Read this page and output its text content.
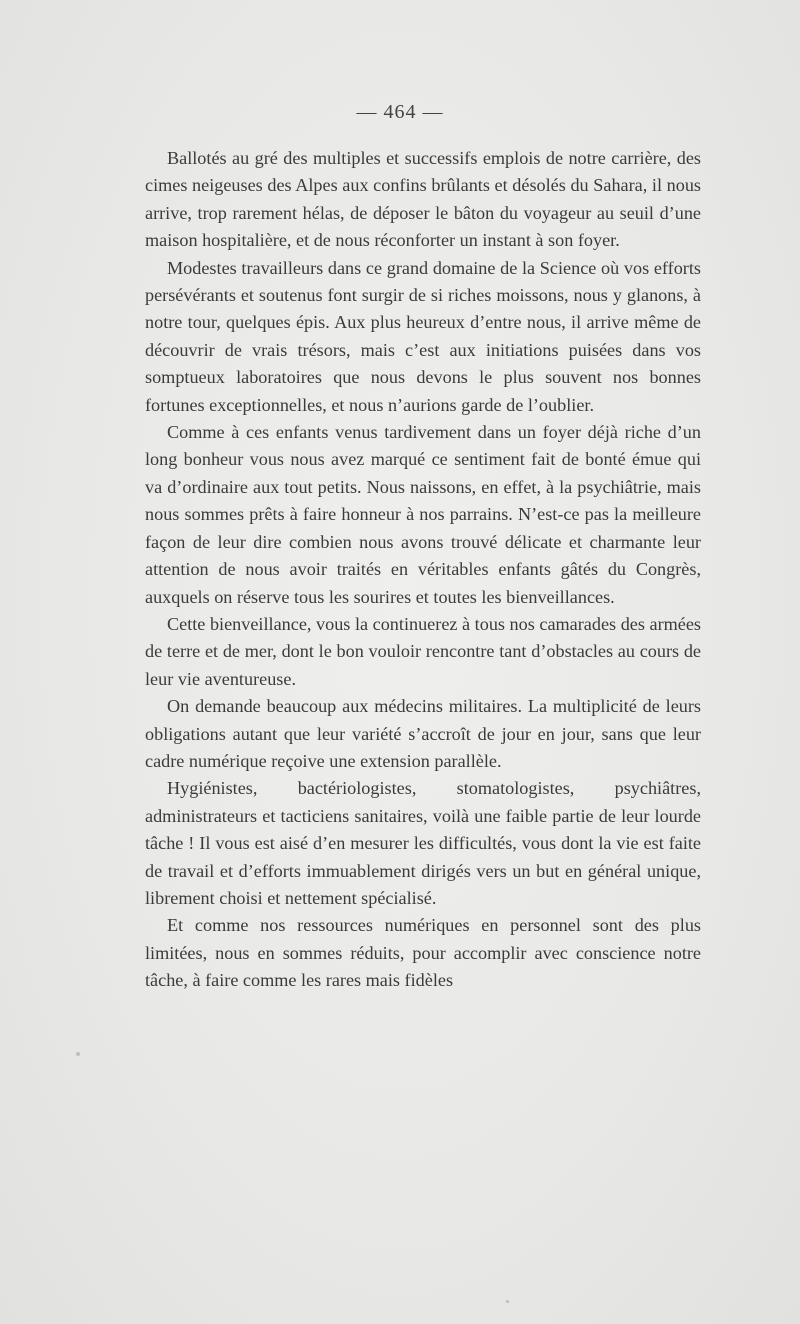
— 464 —

Ballotés au gré des multiples et successifs emplois de notre carrière, des cimes neigeuses des Alpes aux confins brûlants et désolés du Sahara, il nous arrive, trop rarement hélas, de déposer le bâton du voyageur au seuil d’une maison hospitalière, et de nous réconforter un instant à son foyer.

Modestes travailleurs dans ce grand domaine de la Science où vos efforts persévérants et soutenus font surgir de si riches moissons, nous y glanons, à notre tour, quelques épis. Aux plus heureux d’entre nous, il arrive même de découvrir de vrais trésors, mais c’est aux initiations puisées dans vos somptueux laboratoires que nous devons le plus souvent nos bonnes fortunes exceptionnelles, et nous n’aurions garde de l’oublier.

Comme à ces enfants venus tardivement dans un foyer déjà riche d’un long bonheur vous nous avez marqué ce sentiment fait de bonté émue qui va d’ordinaire aux tout petits. Nous naissons, en effet, à la psychiâtrie, mais nous sommes prêts à faire honneur à nos parrains. N’est-ce pas la meilleure façon de leur dire combien nous avons trouvé délicate et charmante leur attention de nous avoir traités en véritables enfants gâtés du Congrès, auxquels on réserve tous les sourires et toutes les bienveillances.

Cette bienveillance, vous la continuerez à tous nos camarades des armées de terre et de mer, dont le bon vouloir rencontre tant d’obstacles au cours de leur vie aventureuse.

On demande beaucoup aux médecins militaires. La multiplicité de leurs obligations autant que leur variété s’accroît de jour en jour, sans que leur cadre numérique reçoive une extension parallèle.

Hygiénistes, bactériologistes, stomatologistes, psychiâtres, administrateurs et tacticiens sanitaires, voilà une faible partie de leur lourde tâche ! Il vous est aisé d’en mesurer les difficultés, vous dont la vie est faite de travail et d’efforts immuablement dirigés vers un but en général unique, librement choisi et nettement spécialisé.

Et comme nos ressources numériques en personnel sont des plus limitées, nous en sommes réduits, pour accomplir avec conscience notre tâche, à faire comme les rares mais fidèles
